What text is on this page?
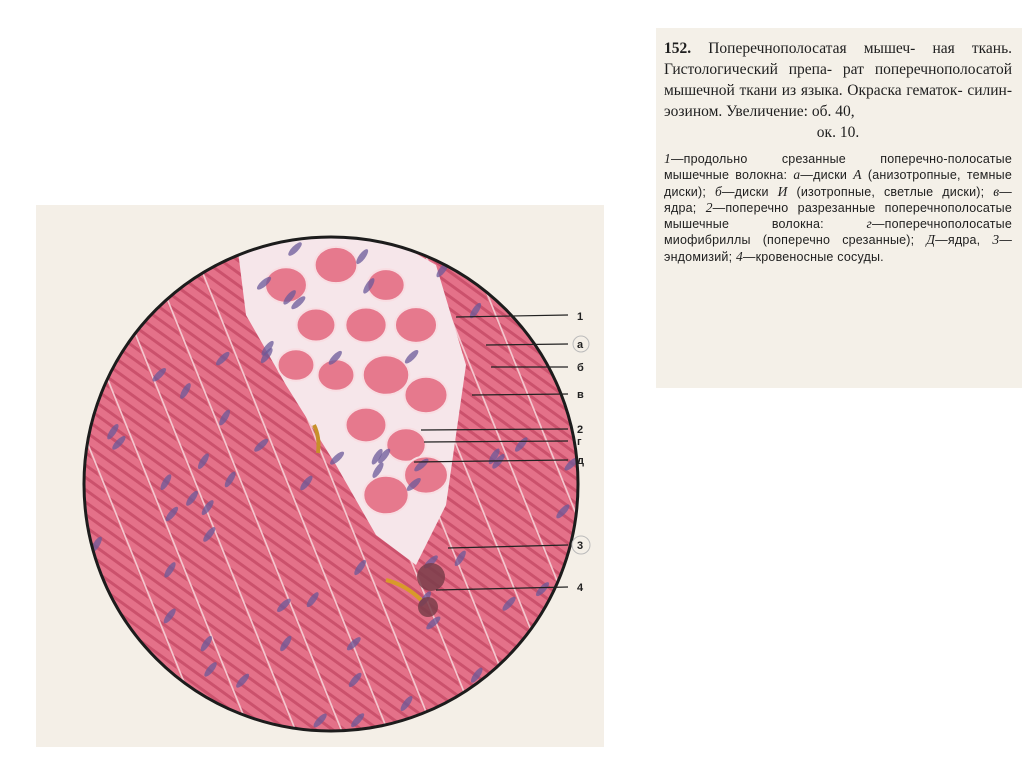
1
а
б
в
2
г
д
3
4

152. Поперечнополосатая мышеч- ная ткань. Гистологический препа- рат поперечнополосатой мышечной ткани из языка. Окраска гематок- силин-эозином. Увеличение: об. 40,
ок. 10.

1—продольно срезанные поперечно-полосатые мышечные волокна: а—диски А (анизотропные, темные диски); б—диски И (изотропные, светлые диски); в—ядра; 2—поперечно разрезанные поперечнополосатые мышечные волокна: г—поперечнополосатые миофибриллы (поперечно срезанные); Д—ядра, 3—эндомизий; 4—кровеносные сосуды.
